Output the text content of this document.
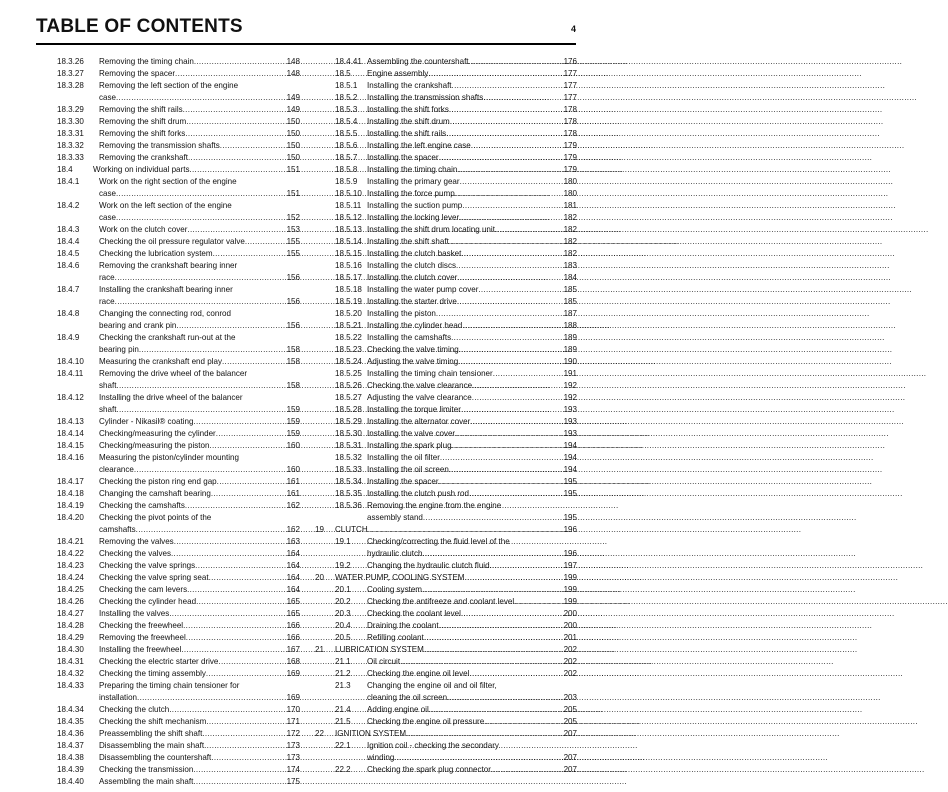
TABLE OF CONTENTS	4
18.3.26 Removing the timing chain .....	148
18.3.27 Removing the spacer .....	148
18.3.28 Removing the left section of the engine
case .....	149
18.3.29 Removing the shift rails .....	149
18.3.30 Removing the shift drum .....	150
18.3.31 Removing the shift forks .....	150
18.3.32 Removing the transmission shafts .....	150
18.3.33 Removing the crankshaft .....	150
18.4	Working on individual parts .....	151
18.4.1 Work on the right section of the engine
case .....	151
18.4.2 Work on the left section of the engine
case .....	152
18.4.3 Work on the clutch cover .....	153
18.4.4 Checking the oil pressure regulator valve .....	155
18.4.5 Checking the lubrication system .....	155
18.4.6 Removing the crankshaft bearing inner
race .....	156
18.4.7 Installing the crankshaft bearing inner
race .....	156
18.4.8 Changing the connecting rod, conrod
bearing and crank pin .....	156
18.4.9 Checking the crankshaft run-out at the
bearing pin .....	158
18.4.10 Measuring the crankshaft end play .....	158
18.4.11 Removing the drive wheel of the balancer
shaft .....	158
18.4.12 Installing the drive wheel of the balancer
shaft .....	159
18.4.13 Cylinder - Nikasil® coating .....	159
18.4.14 Checking/measuring the cylinder .....	159
18.4.15 Checking/measuring the piston .....	160
18.4.16 Measuring the piston/cylinder mounting
clearance .....	160
18.4.17 Checking the piston ring end gap .....	161
18.4.18 Changing the camshaft bearing .....	161
18.4.19 Checking the camshafts .....	162
18.4.20 Checking the pivot points of the
camshafts .....	162
18.4.21 Removing the valves .....	163
18.4.22 Checking the valves .....	164
18.4.23 Checking the valve springs .....	164
18.4.24 Checking the valve spring seat .....	164
18.4.25 Checking the cam levers .....	164
18.4.26 Checking the cylinder head .....	165
18.4.27 Installing the valves .....	165
18.4.28 Checking the freewheel .....	166
18.4.29 Removing the freewheel .....	166
18.4.30 Installing the freewheel .....	167
18.4.31 Checking the electric starter drive .....	168
18.4.32 Checking the timing assembly .....	169
18.4.33 Preparing the timing chain tensioner for
installation .....	169
18.4.34 Checking the clutch .....	170
18.4.35 Checking the shift mechanism .....	171
18.4.36 Preassembling the shift shaft .....	172
18.4.37 Disassembling the main shaft .....	173
18.4.38 Disassembling the countershaft .....	173
18.4.39 Checking the transmission .....	174
18.4.40 Assembling the main shaft .....	175
18.4.41 Assembling the countershaft .....	176
18.5 Engine assembly .....	177
18.5.1 Installing the crankshaft .....	177
18.5.2 Installing the transmission shafts .....	177
18.5.3 Installing the shift forks .....	178
18.5.4 Installing the shift drum .....	178
18.5.5 Installing the shift rails .....	178
18.5.6 Installing the left engine case .....	179
18.5.7 Installing the spacer .....	179
18.5.8 Installing the timing chain .....	179
18.5.9 Installing the primary gear .....	180
18.5.10 Installing the force pump .....	180
18.5.11 Installing the suction pump .....	181
18.5.12 Installing the locking lever .....	182
18.5.13 Installing the shift drum locating unit .....	182
18.5.14 Installing the shift shaft .....	182
18.5.15 Installing the clutch basket .....	182
18.5.16 Installing the clutch discs .....	183
18.5.17 Installing the clutch cover .....	184
18.5.18 Installing the water pump cover .....	185
18.5.19 Installing the starter drive .....	185
18.5.20 Installing the piston .....	187
18.5.21 Installing the cylinder head .....	188
18.5.22 Installing the camshafts .....	189
18.5.23 Checking the valve timing .....	189
18.5.24 Adjusting the valve timing .....	190
18.5.25 Installing the timing chain tensioner .....	191
18.5.26 Checking the valve clearance .....	192
18.5.27 Adjusting the valve clearance .....	192
18.5.28 Installing the torque limiter .....	193
18.5.29 Installing the alternator cover .....	193
18.5.30 Installing the valve cover .....	193
18.5.31 Installing the spark plug .....	194
18.5.32 Installing the oil filter .....	194
18.5.33 Installing the oil screen .....	194
18.5.34 Installing the spacer .....	195
18.5.35 Installing the clutch push rod .....	195
18.5.36 Removing the engine from the engine
assembly stand .....	195
19 CLUTCH .....	196
19.1 Checking/correcting the fluid level of the
hydraulic clutch .....	196
19.2 Changing the hydraulic clutch fluid .....	197
20 WATER PUMP, COOLING SYSTEM .....	199
20.1 Cooling system .....	199
20.2 Checking the antifreeze and coolant level .....	199
20.3 Checking the coolant level .....	200
20.4 Draining the coolant .....	200
20.5 Refilling coolant .....	201
21 LUBRICATION SYSTEM .....	202
21.1 Oil circuit .....	202
21.2 Checking the engine oil level .....	202
21.3 Changing the engine oil and oil filter,
cleaning the oil screen .....	203
21.4 Adding engine oil .....	205
21.5 Checking the engine oil pressure .....	205
22 IGNITION SYSTEM .....	207
22.1 Ignition coil - checking the secondary
winding .....	207
22.2 Checking the spark plug connector .....	207
